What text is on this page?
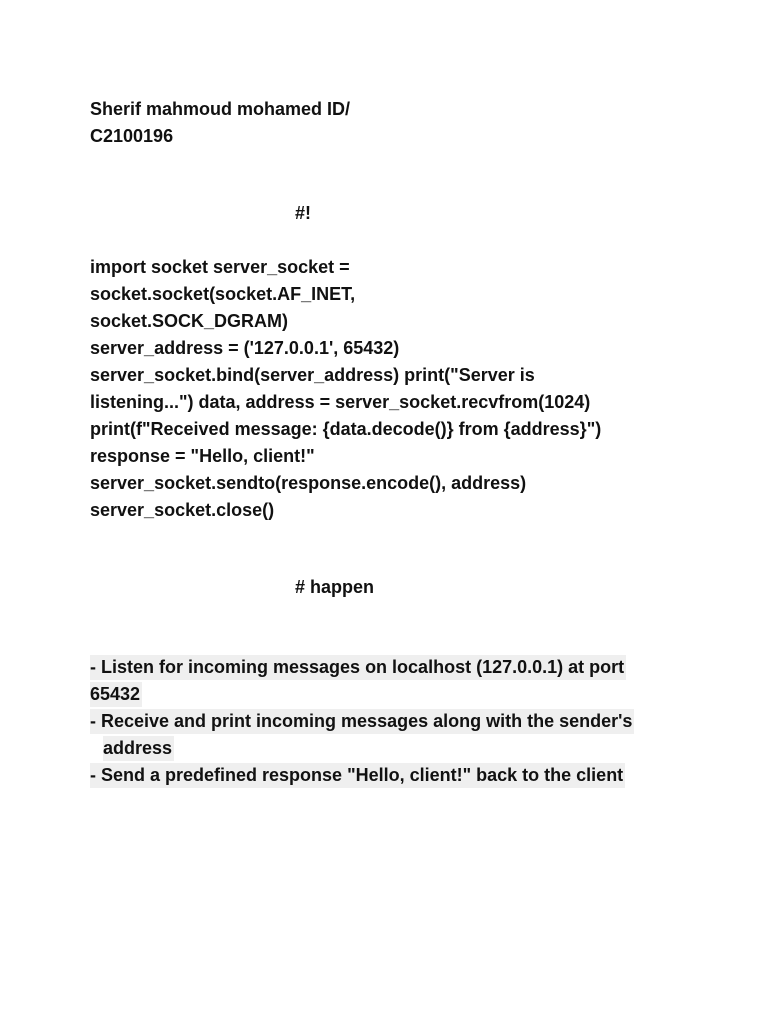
Sherif mahmoud mohamed ID/
C2100196
#!
import socket server_socket =
socket.socket(socket.AF_INET,
socket.SOCK_DGRAM)
server_address = ('127.0.0.1', 65432)
server_socket.bind(server_address) print("Server is
listening...") data, address = server_socket.recvfrom(1024)
print(f"Received message: {data.decode()} from {address}")
response = "Hello, client!"
server_socket.sendto(response.encode(), address)
server_socket.close()
# happen
- Listen for incoming messages on localhost (127.0.0.1) at port 65432
- Receive and print incoming messages along with the sender's address
- Send a predefined response "Hello, client!" back to the client
